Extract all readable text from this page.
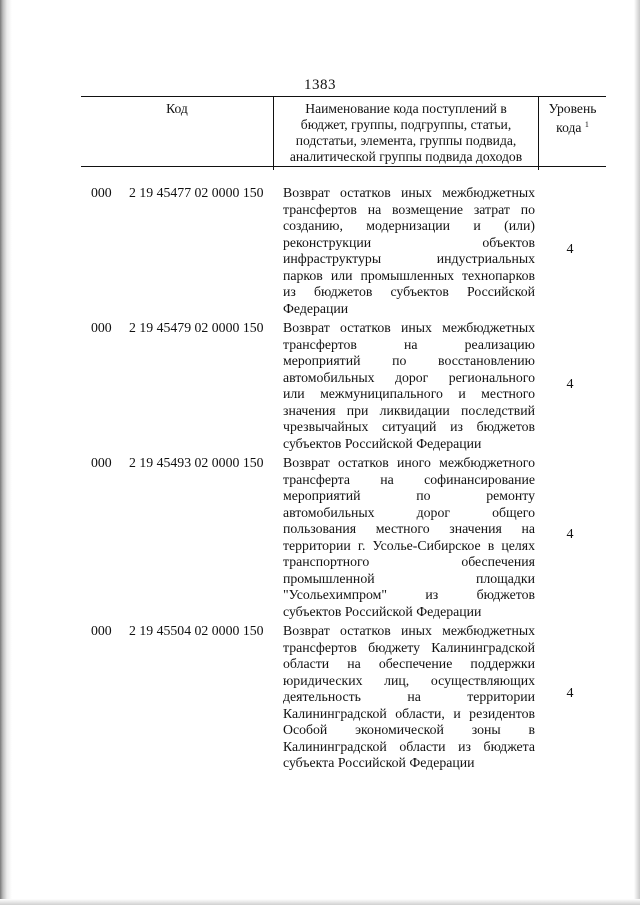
1383
Код	Наименование кода поступлений в
бюджет, группы, подгруппы, статьи,
подстатьи, элемента, группы подвида,
аналитической группы подвида доходов
Уровень
кода $^1$
000 2 19 45477 02 0000 150 Возврат остатков иных межбюджетных
трансфертов на возмещение затрат по
созданию, модернизации и (или)
реконструкции объектов
инфраструктуры индустриальных
парков или промышленных технопарков
из бюджетов субъектов Российской
Федерации
4
000 2 19 45479 02 0000 150 Возврат остатков иных межбюджетных
трансфертов на реализацию
мероприятий по восстановлению
автомобильных дорог регионального
или межмуниципального и местного
значения при ликвидации последствий
чрезвычайных ситуаций из бюджетов
субъектов Российской Федерации
4
000 2 19 45493 02 0000 150 Возврат остатков иного межбюджетного
трансферта на софинансирование
мероприятий по ремонту
автомобильных дорог общего
пользования местного значения на
территории г. Усолье-Сибирское в целях
транспортного обеспечения
промышленной площадки
"Усольехимпром" из бюджетов
субъектов Российской Федерации
4
000 2 19 45504 02 0000 150 Возврат остатков иных межбюджетных
трансфертов бюджету Калининградской
области на обеспечение поддержки
юридических лиц, осуществляющих
деятельность на территории
Калининградской области, и резидентов
Особой экономической зоны в
Калининградской области из бюджета
субъекта Российской Федерации
4
